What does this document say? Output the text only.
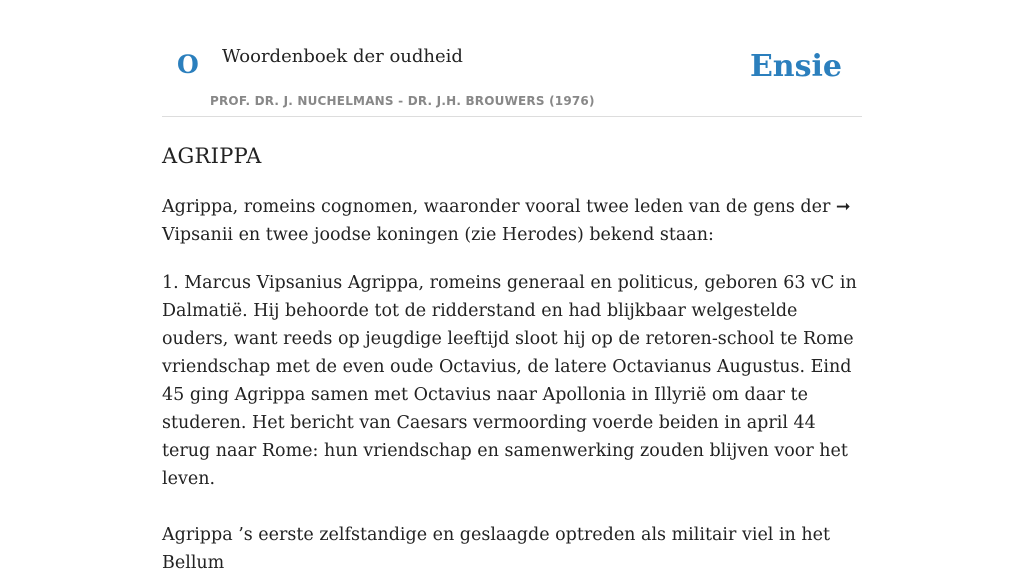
O Woordenboek der oudheid
PROF. DR. J. NUCHELMANS - DR. J.H. BROUWERS (1976)
Ensie
AGRIPPA

Agrippa, romeins cognomen, waaronder vooral twee leden van de gens der ➞
Vipsanii en twee joodse koningen (zie Herodes) bekend staan:

1. Marcus Vipsanius Agrippa, romeins generaal en politicus, geboren 63 vC in Dalmatië. Hij behoorde tot de ridderstand en had blijkbaar welgestelde ouders, want reeds op jeugdige leeftijd sloot hij op de retoren-school te Rome vriendschap met de even oude Octavius, de latere Octavianus Augustus. Eind 45 ging Agrippa samen met Octavius naar Apollonia in Illyrië om daar te studeren. Het bericht van Caesars vermoording voerde beiden in april 44 terug naar Rome: hun vriendschap en samenwerking zouden blijven voor het leven.

Agrippa ’s eerste zelfstandige en geslaagde optreden als militair viel in het Bellum
